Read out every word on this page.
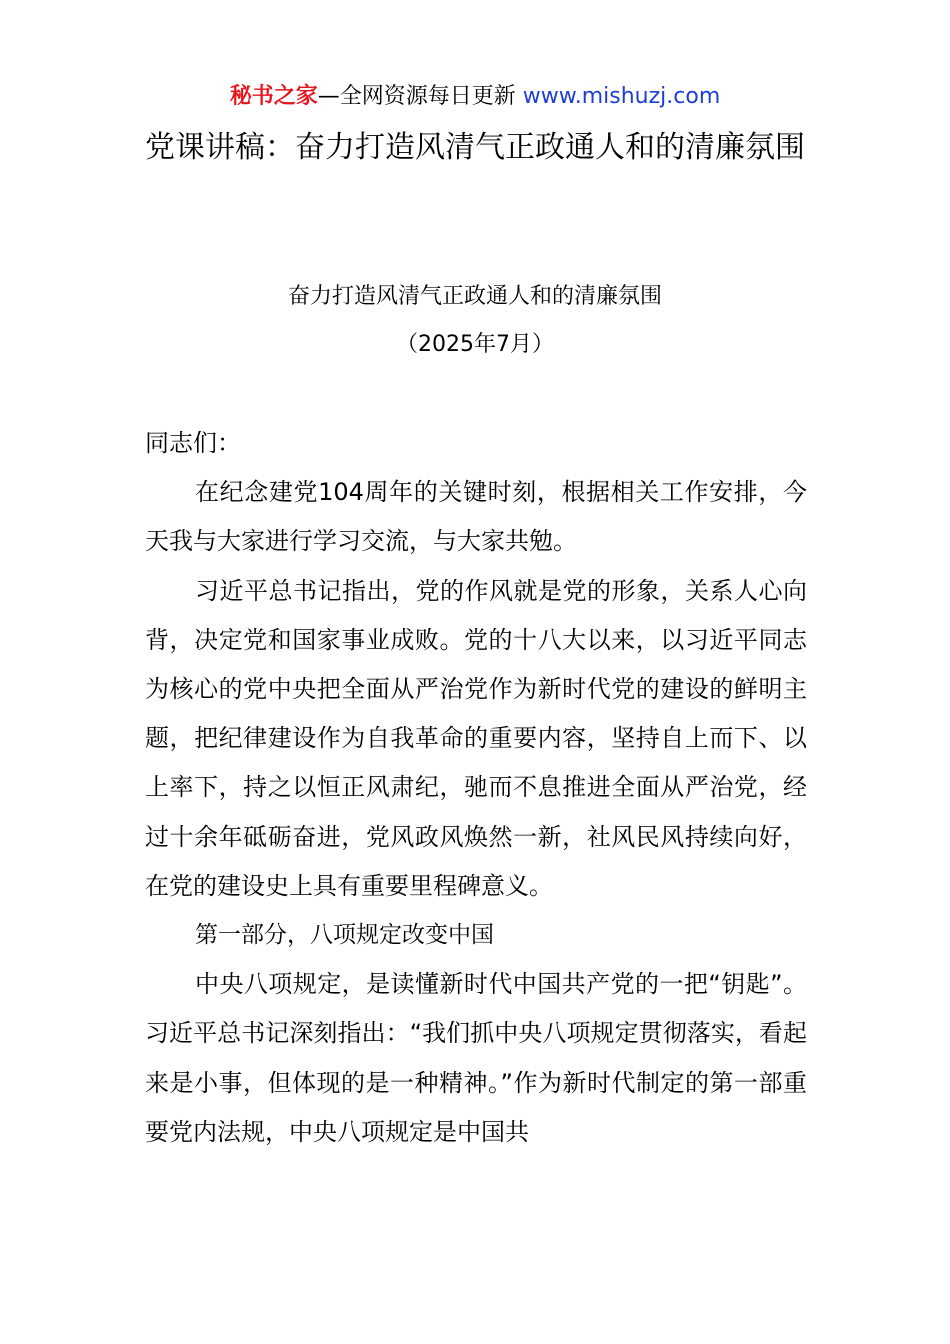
秘书之家—全网资源每日更新 www.mishuzj.com
党课讲稿：奋力打造风清气正政通人和的清廉氛围
奋力打造风清气正政通人和的清廉氛围
（2025年7月）

同志们：

在纪念建党104周年的关键时刻，根据相关工作安排，今天我与大家进行学习交流，与大家共勉。

习近平总书记指出，党的作风就是党的形象，关系人心向背，决定党和国家事业成败。党的十八大以来，以习近平同志为核心的党中央把全面从严治党作为新时代党的建设的鲜明主题，把纪律建设作为自我革命的重要内容，坚持自上而下、以上率下，持之以恒正风肃纪，驰而不息推进全面从严治党，经过十余年砥砺奋进，党风政风焕然一新，社风民风持续向好，在党的建设史上具有重要里程碑意义。

第一部分，八项规定改变中国

中央八项规定，是读懂新时代中国共产党的一把“钥匙”。习近平总书记深刻指出：“我们抓中央八项规定贯彻落实，看起来是小事，但体现的是一种精神。”作为新时代制定的第一部重要党内法规，中央八项规定是中国共
